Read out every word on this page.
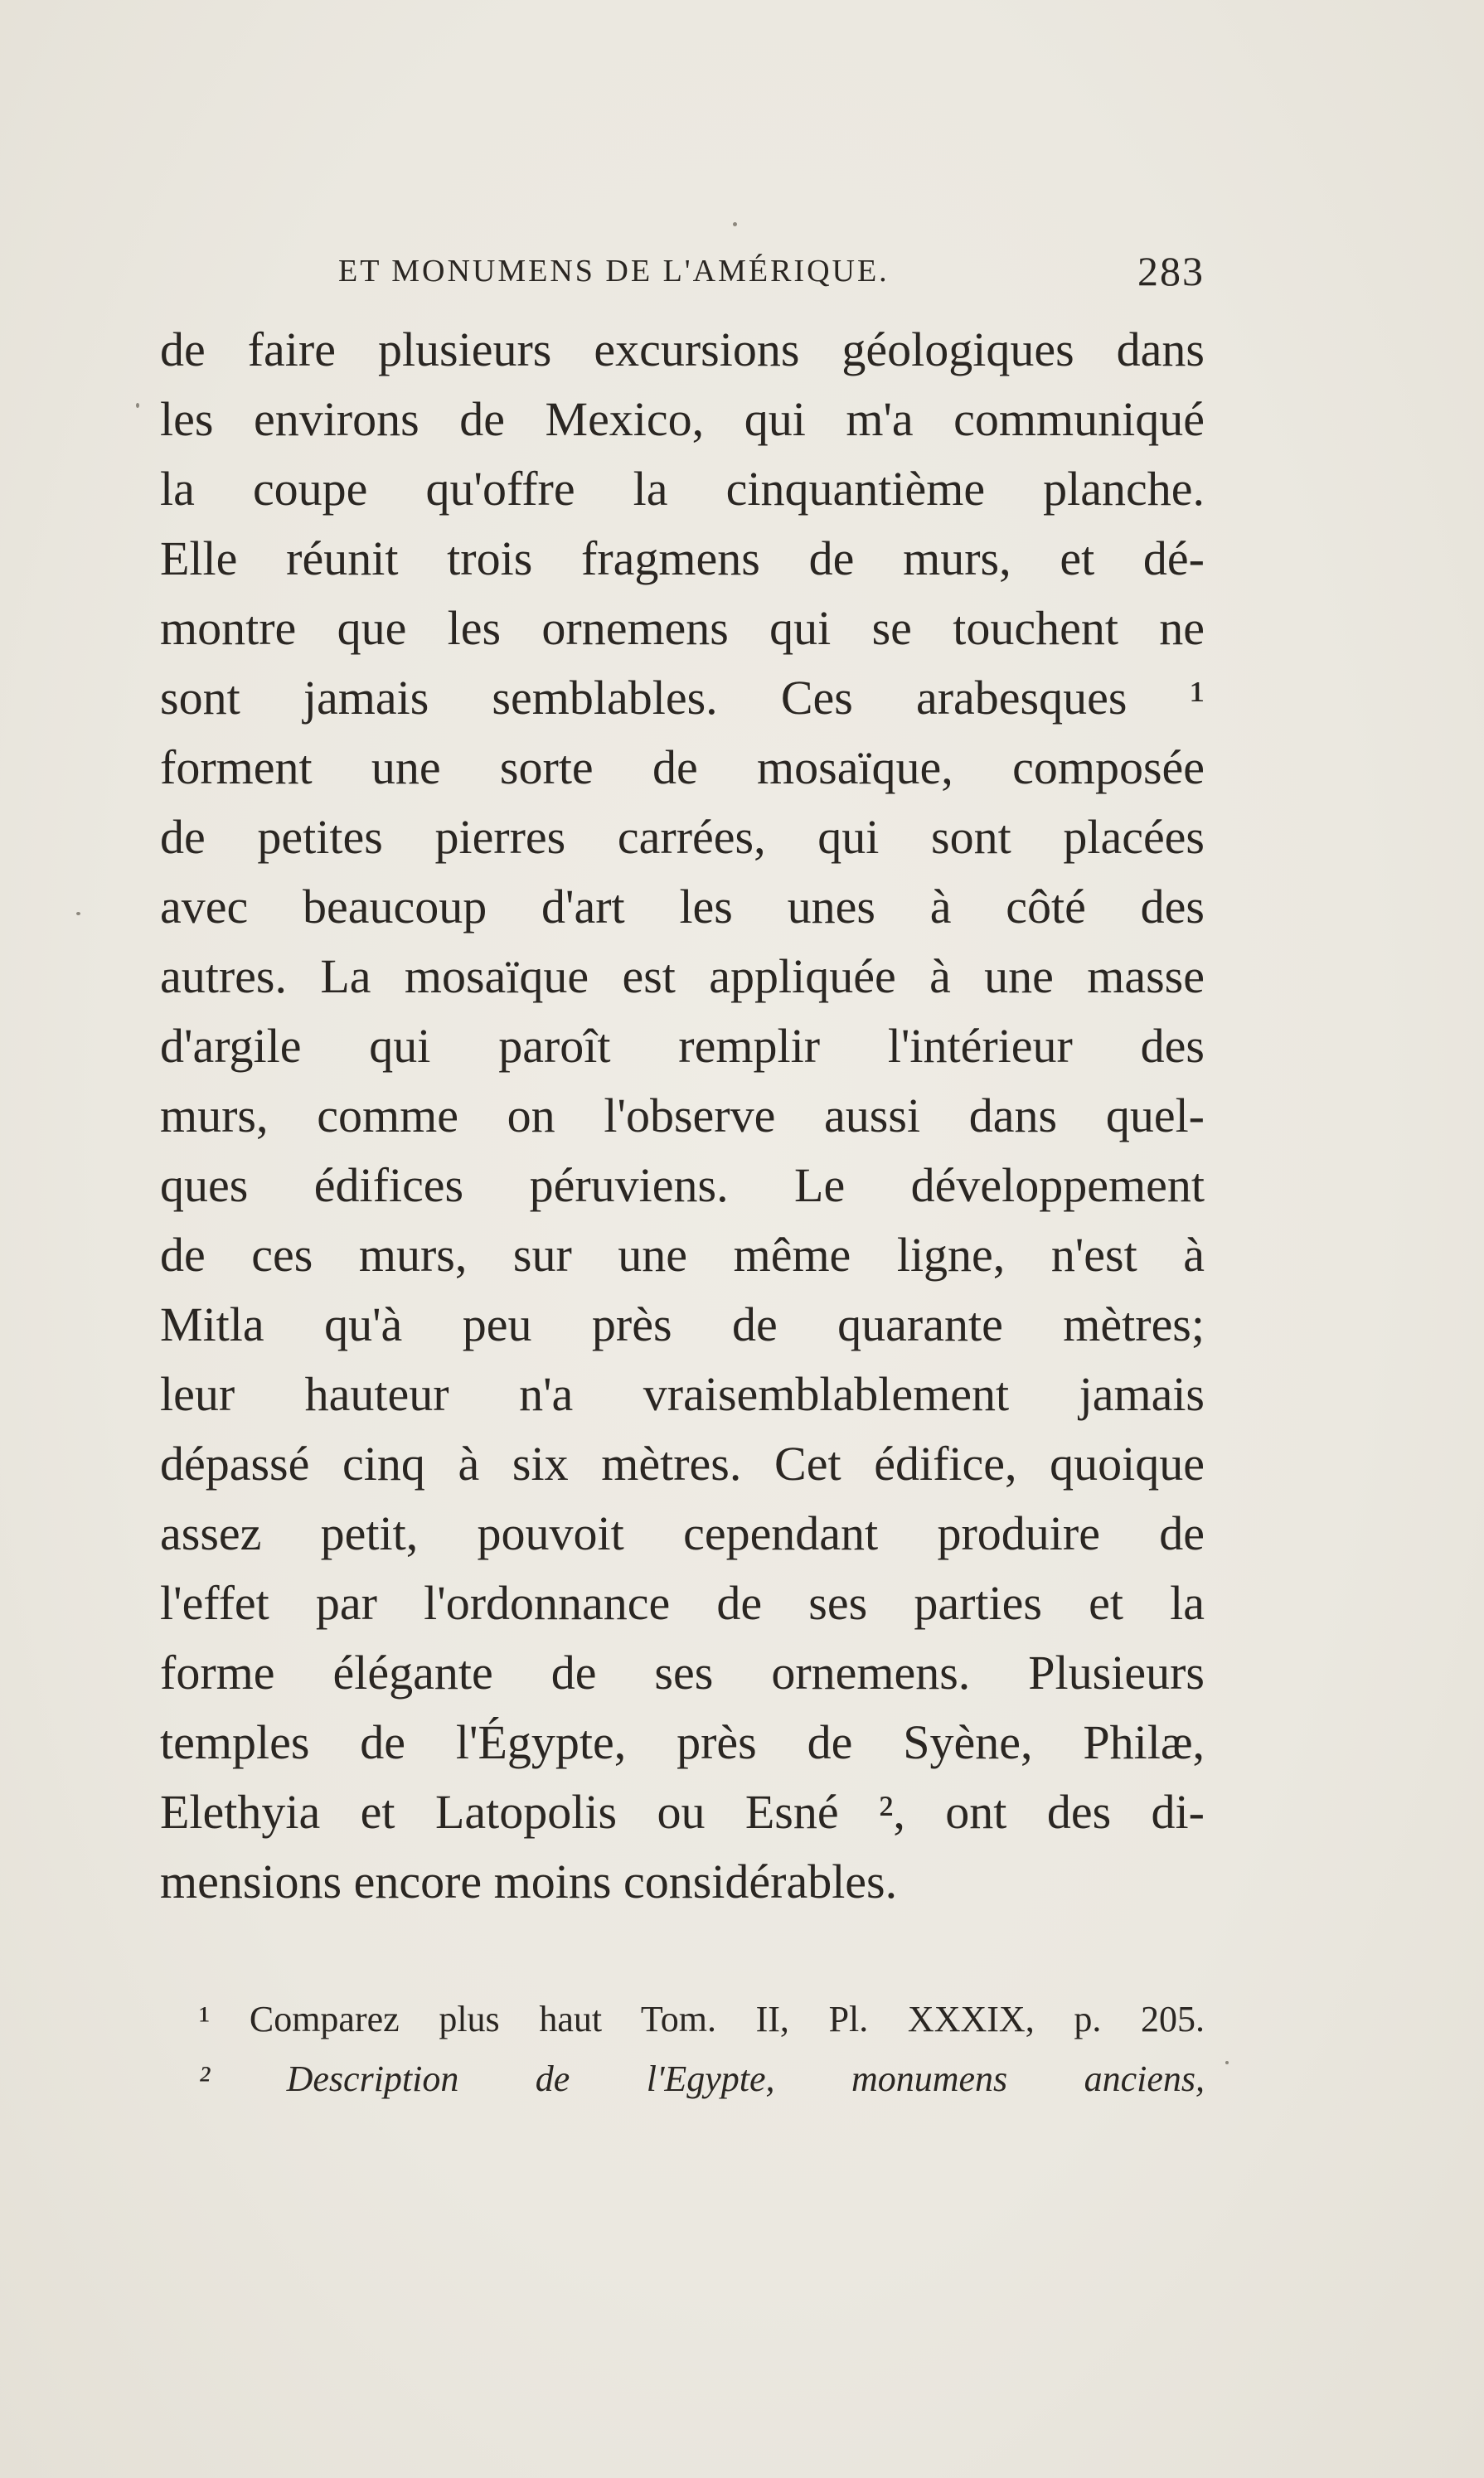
ET MONUMENS DE L'AMÉRIQUE.	283
de faire plusieurs excursions géologiques dans
les environs de Mexico, qui m'a communiqué
la coupe qu'offre la cinquantième planche.
Elle réunit trois fragmens de murs, et dé-
montre que les ornemens qui se touchent ne
sont jamais semblables. Ces arabesques ¹
forment une sorte de mosaïque, composée
de petites pierres carrées, qui sont placées
avec beaucoup d'art les unes à côté des
autres. La mosaïque est appliquée à une masse
d'argile qui paroît remplir l'intérieur des
murs, comme on l'observe aussi dans quel-
ques édifices péruviens. Le développement
de ces murs, sur une même ligne, n'est à
Mitla qu'à peu près de quarante mètres;
leur hauteur n'a vraisemblablement jamais
dépassé cinq à six mètres. Cet édifice, quoique
assez petit, pouvoit cependant produire de
l'effet par l'ordonnance de ses parties et la
forme élégante de ses ornemens. Plusieurs
temples de l'Égypte, près de Syène, Philæ,
Elethyia et Latopolis ou Esné ², ont des di-
mensions encore moins considérables.
¹ Comparez plus haut Tom. II, Pl. XXXIX, p. 205.
² Description de l'Egypte, monumens anciens,
